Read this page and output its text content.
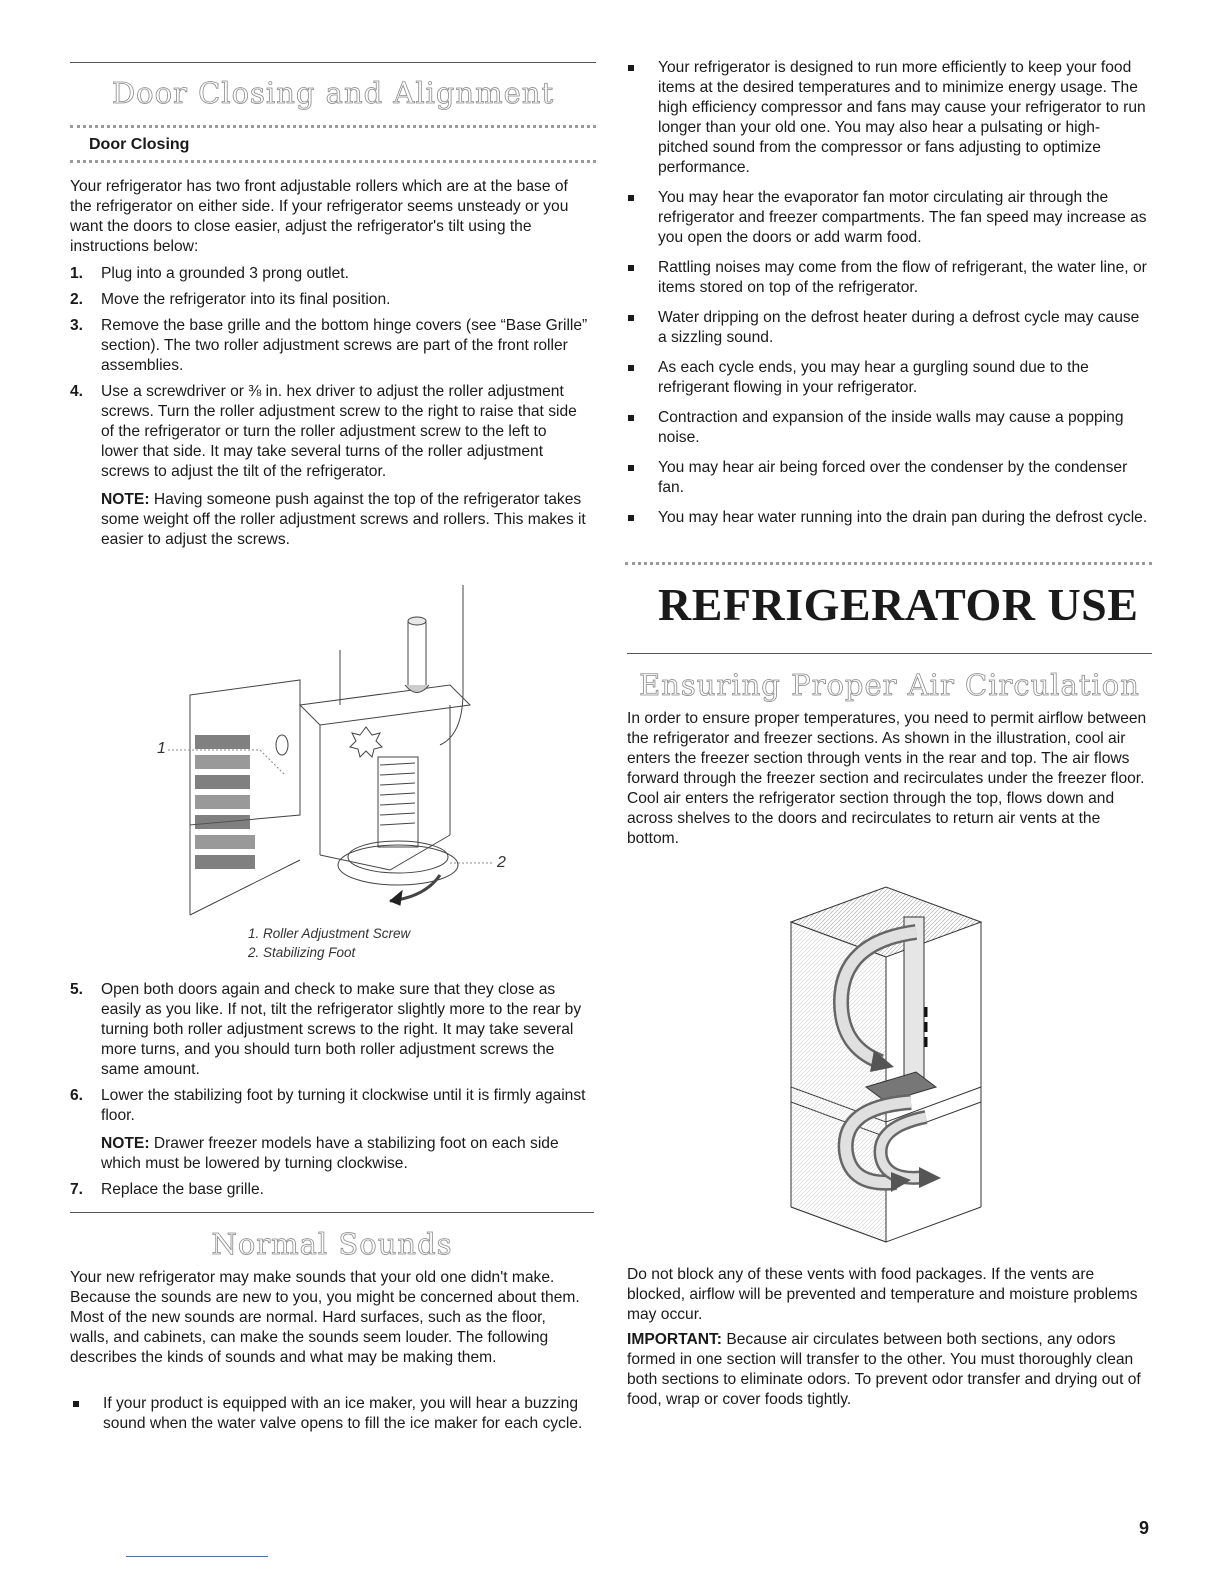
Door Closing and Alignment
Door Closing

Your refrigerator has two front adjustable rollers which are at the base of the refrigerator on either side. If your refrigerator seems unsteady or you want the doors to close easier, adjust the refrigerator's tilt using the instructions below:

1. Plug into a grounded 3 prong outlet.
2. Move the refrigerator into its final position.
3. Remove the base grille and the bottom hinge covers (see “Base Grille” section). The two roller adjustment screws are part of the front roller assemblies.
4. Use a screwdriver or ⅜ in. hex driver to adjust the roller adjustment screws. Turn the roller adjustment screw to the right to raise that side of the refrigerator or turn the roller adjustment screw to the left to lower that side. It may take several turns of the roller adjustment screws to adjust the tilt of the refrigerator.

NOTE: Having someone push against the top of the refrigerator takes some weight off the roller adjustment screws and rollers. This makes it easier to adjust the screws.

1
2
1. Roller Adjustment Screw
2. Stabilizing Foot
5. Open both doors again and check to make sure that they close as easily as you like. If not, tilt the refrigerator slightly more to the rear by turning both roller adjustment screws to the right. It may take several more turns, and you should turn both roller adjustment screws the same amount.
6. Lower the stabilizing foot by turning it clockwise until it is firmly against floor.

NOTE: Drawer freezer models have a stabilizing foot on each side which must be lowered by turning clockwise.

7. Replace the base grille.
Normal Sounds

Your new refrigerator may make sounds that your old one didn't make. Because the sounds are new to you, you might be concerned about them. Most of the new sounds are normal. Hard surfaces, such as the floor, walls, and cabinets, can make the sounds seem louder. The following describes the kinds of sounds and what may be making them.

If your product is equipped with an ice maker, you will hear a buzzing sound when the water valve opens to fill the ice maker for each cycle.
Your refrigerator is designed to run more efficiently to keep your food items at the desired temperatures and to minimize energy usage. The high efficiency compressor and fans may cause your refrigerator to run longer than your old one. You may also hear a pulsating or high-pitched sound from the compressor or fans adjusting to optimize performance.
You may hear the evaporator fan motor circulating air through the refrigerator and freezer compartments. The fan speed may increase as you open the doors or add warm food.
Rattling noises may come from the flow of refrigerant, the water line, or items stored on top of the refrigerator.
Water dripping on the defrost heater during a defrost cycle may cause a sizzling sound.
As each cycle ends, you may hear a gurgling sound due to the refrigerant flowing in your refrigerator.
Contraction and expansion of the inside walls may cause a popping noise.
You may hear air being forced over the condenser by the condenser fan.
You may hear water running into the drain pan during the defrost cycle.
REFRIGERATOR USE
Ensuring Proper Air Circulation

In order to ensure proper temperatures, you need to permit airflow between the refrigerator and freezer sections. As shown in the illustration, cool air enters the freezer section through vents in the rear and top. The air flows forward through the freezer section and recirculates under the freezer floor. Cool air enters the refrigerator section through the top, flows down and across shelves to the doors and recirculates to return air vents at the bottom.

Do not block any of these vents with food packages. If the vents are blocked, airflow will be prevented and temperature and moisture problems may occur.

IMPORTANT: Because air circulates between both sections, any odors formed in one section will transfer to the other. You must thoroughly clean both sections to eliminate odors. To prevent odor transfer and drying out of food, wrap or cover foods tightly.

9
